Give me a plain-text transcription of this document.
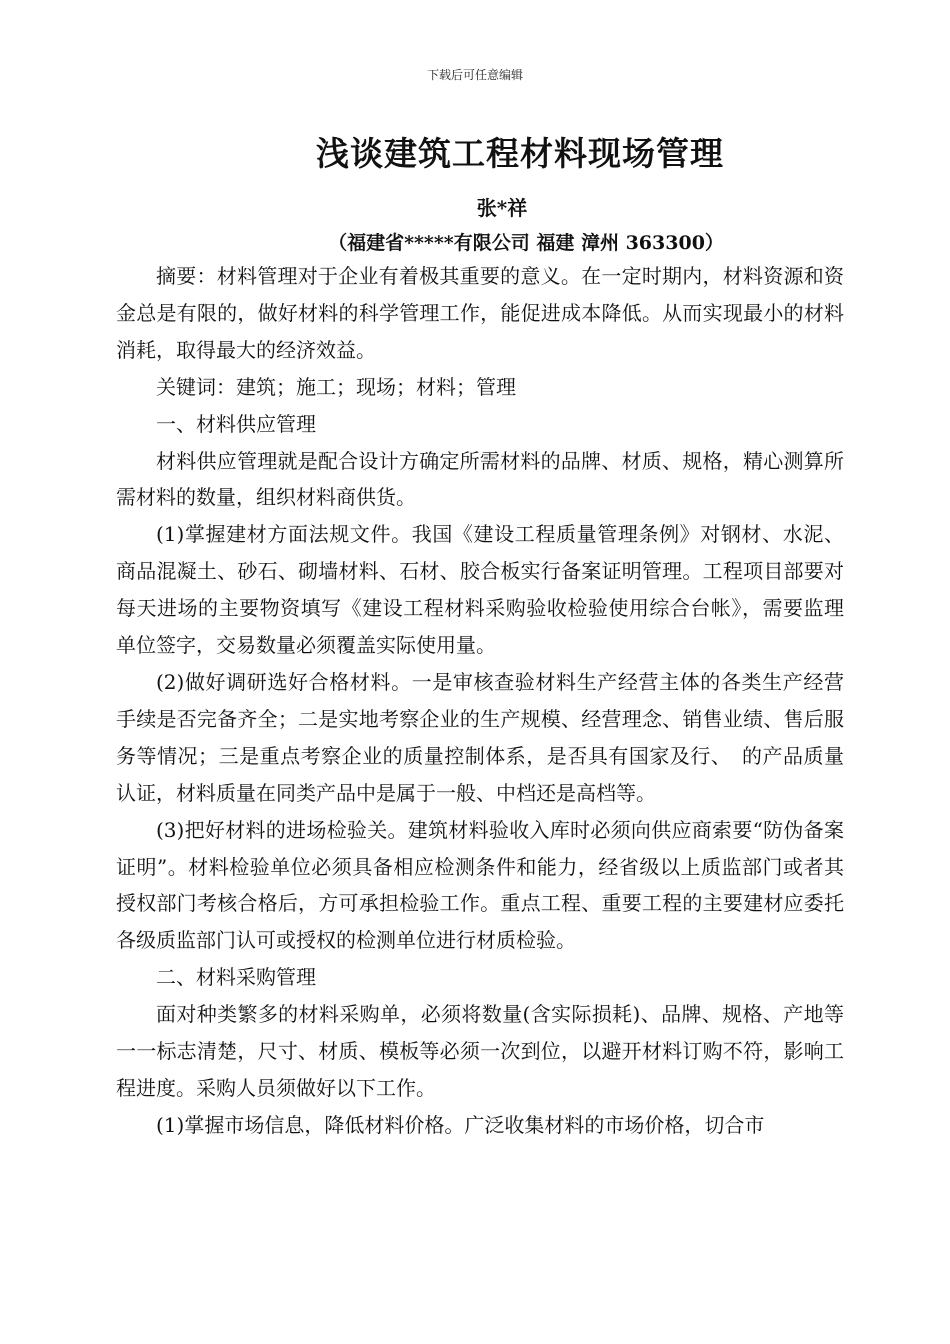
下载后可任意编辑
浅谈建筑工程材料现场管理
张*祥
（福建省*****有限公司 福建 漳州 363300）

摘要：材料管理对于企业有着极其重要的意义。在一定时期内，材料资源和资金总是有限的，做好材料的科学管理工作，能促进成本降低。从而实现最小的材料消耗，取得最大的经济效益。

关键词：建筑；施工；现场；材料；管理

一、材料供应管理

材料供应管理就是配合设计方确定所需材料的品牌、材质、规格，精心测算所需材料的数量，组织材料商供货。

(1)掌握建材方面法规文件。我国《建设工程质量管理条例》对钢材、水泥、商品混凝土、砂石、砌墙材料、石材、胶合板实行备案证明管理。工程项目部要对每天进场的主要物资填写《建设工程材料采购验收检验使用综合台帐》，需要监理单位签字，交易数量必须覆盖实际使用量。

(2)做好调研选好合格材料。一是审核查验材料生产经营主体的各类生产经营手续是否完备齐全；二是实地考察企业的生产规模、经营理念、销售业绩、售后服务等情况；三是重点考察企业的质量控制体系，是否具有国家及行、　的产品质量认证，材料质量在同类产品中是属于一般、中档还是高档等。

(3)把好材料的进场检验关。建筑材料验收入库时必须向供应商索要“防伪备案证明”。材料检验单位必须具备相应检测条件和能力，经省级以上质监部门或者其授权部门考核合格后，方可承担检验工作。重点工程、重要工程的主要建材应委托各级质监部门认可或授权的检测单位进行材质检验。

二、材料采购管理

面对种类繁多的材料采购单，必须将数量(含实际损耗)、品牌、规格、产地等一一标志清楚，尺寸、材质、模板等必须一次到位，以避开材料订购不符，影响工程进度。采购人员须做好以下工作。

(1)掌握市场信息，降低材料价格。广泛收集材料的市场价格，切合市
